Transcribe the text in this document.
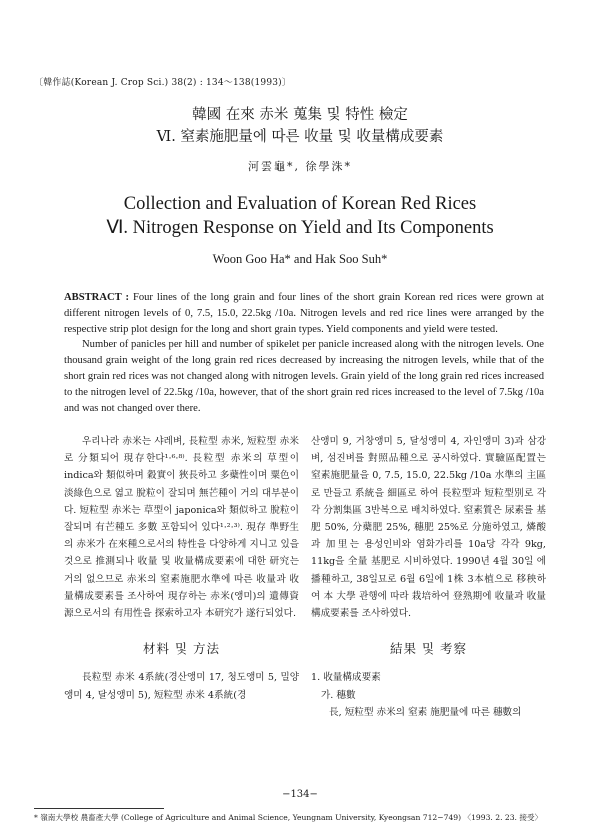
〔韓作誌(Korean J. Crop Sci.) 38(2) : 134〜138(1993)〕
韓國 在來 赤米 蒐集 및 特性 檢定
Ⅵ. 窒素施肥量에 따른 收量 및 收量構成要素
河雲龜*, 徐學洙*
Collection and Evaluation of Korean Red Rices
Ⅵ. Nitrogen Response on Yield and Its Components
Woon Goo Ha* and Hak Soo Suh*

ABSTRACT : Four lines of the long grain and four lines of the short grain Korean red rices were grown at different nitrogen levels of 0, 7.5, 15.0, 22.5kg /10a. Nitrogen levels and red rice lines were arranged by the respective strip plot design for the long and short grain types. Yield components and yield were tested.

Number of panicles per hill and number of spikelet per panicle increased along with the nitrogen levels. One thousand grain weight of the long grain red rices decreased by increasing the nitrogen levels, while that of the short grain red rices was not changed along with nitrogen levels. Grain yield of the long grain red rices increased to the nitrogen level of 22.5kg /10a, however, that of the short grain red rices increased to the level of 7.5kg /10a and was not changed over there.

우리나라 赤米는 샤레벼, 長粒型 赤米, 短粒型 赤米로 分類되어 現存한다¹·⁶·⁸⁾. 長粒型 赤米의 草型이 indica와 類似하며 穀實이 狹長하고 多蘗性이며 粟色이 淡綠色으로 엷고 脫粒이 잘되며 無芒種이 거의 대부분이다. 短粒型 赤米는 草型이 japonica와 類似하고 脫粒이 잘되며 有芒種도 多數 포함되어 있다¹·²·³⁾. 現存 準野生의 赤米가 在來種으로서의 特性을 다양하게 지니고 있을 것으로 推測되나 收量 및 收量構成要素에 대한 研究는 거의 없으므로 赤米의 窒素施肥水準에 따른 收量과 收量構成要素를 조사하여 現存하는 赤米(앵미)의 遺傳資源으로서의 有用性을 探索하고자 本研究가 遂行되었다.

材料 및 方法

長粒型 赤米 4系統(경산앵미 17, 청도앵미 5, 밀양앵미 4, 달성앵미 5), 短粒型 赤米 4系統(경

산앵미 9, 거창앵미 5, 달성앵미 4, 자인앵미 3)과 삼강벼, 섬진벼를 對照品種으로 공시하였다. 實驗區配置는 窒素施肥量을 0, 7.5, 15.0, 22.5kg /10a 水準의 主區로 만들고 系統을 細區로 하여 長粒型과 短粒型別로 각각 分割集區 3반복으로 배치하였다. 窒素質은 尿素를 基肥 50%, 分蘗肥 25%, 穗肥 25%로 分施하였고, 燐酸과 加里는 용성인비와 염화가리를 10a당 각각 9kg, 11kg을 全量 基肥로 시비하였다. 1990년 4월 30일 에 播種하고, 38일묘로 6월 6일에 1株 3本植으로 移秧하여 本 大學 관행에 따라 栽培하여 登熟期에 收量과 收量構成要素를 조사하였다.

結果 및 考察

1. 收量構成要素

가. 穗數

長, 短粒型 赤米의 窒素 施肥量에 따른 穗數의

* 嶺南大學校 農畜產大學 (College of Agriculture and Animal Science, Yeungnam University, Kyeongsan 712−749) 〈1993. 2. 23. 接受〉
−134−
